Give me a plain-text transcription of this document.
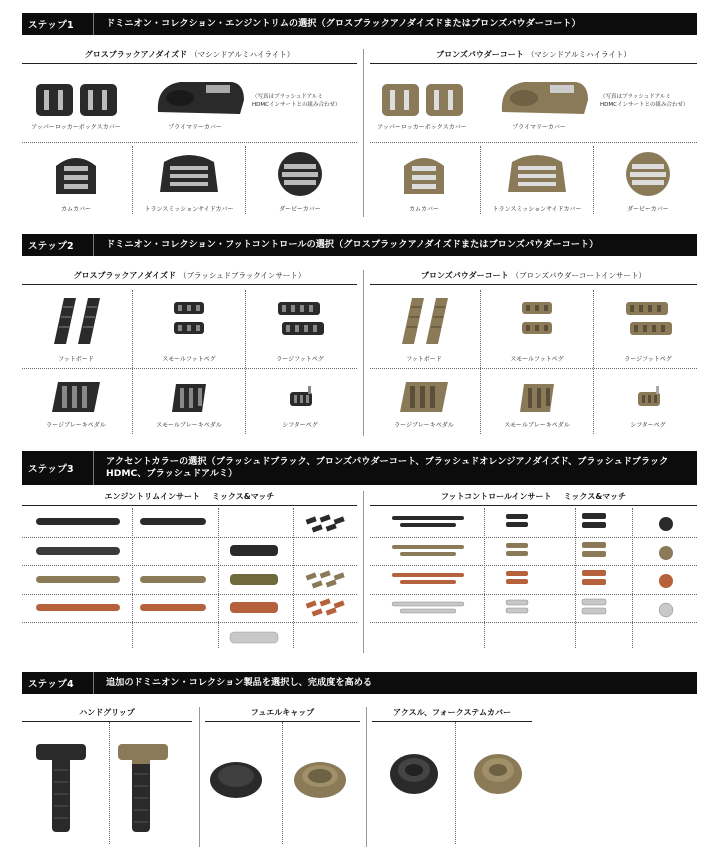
ステップ1	ドミニオン・コレクション・エンジントリムの選択（グロスブラックアノダイズドまたはブロンズパウダーコート）
グロスブラックアノダイズド （マシンドアルミハイライト）	ブロンズパウダーコート （マシンドアルミハイライト）
アッパーロッカーボックスカバー	プライマリーカバー
（写真はブラッシュドアルミ
HDMCインサートとの組み合わせ）
カムカバー	トランスミッションサイドカバー	ダービーカバー
アッパーロッカーボックスカバー	プライマリーカバー
（写真はブラッシュドアルミ
HDMCインサートとの組み合わせ）
カムカバー	トランスミッションサイドカバー	ダービーカバー
ステップ2	ドミニオン・コレクション・フットコントロールの選択（グロスブラックアノダイズドまたはブロンズパウダーコート）
グロスブラックアノダイズド （ブラッシュドブラックインサート）	ブロンズパウダーコート （ブロンズパウダーコートインサート）
フットボード	スモールフットペグ	ラージフットペグ
ラージブレーキペダル	スモールブレーキペダル	シフターペグ
フットボード	スモールフットペグ	ラージフットペグ
ラージブレーキペダル	スモールブレーキペダル	シフターペグ
ステップ3
アクセントカラーの選択（ブラッシュドブラック、ブロンズパウダーコート、ブラッシュドオレンジアノダイズド、ブラッシュドブラックHDMC、ブラッシュドアルミ）
エンジントリムインサート ミックス&マッチ	フットコントロールインサート ミックス&マッチ
ステップ4	追加のドミニオン・コレクション製品を選択し、完成度を高める
ハンドグリップ	フュエルキャップ	アクスル、フォークステムカバー
